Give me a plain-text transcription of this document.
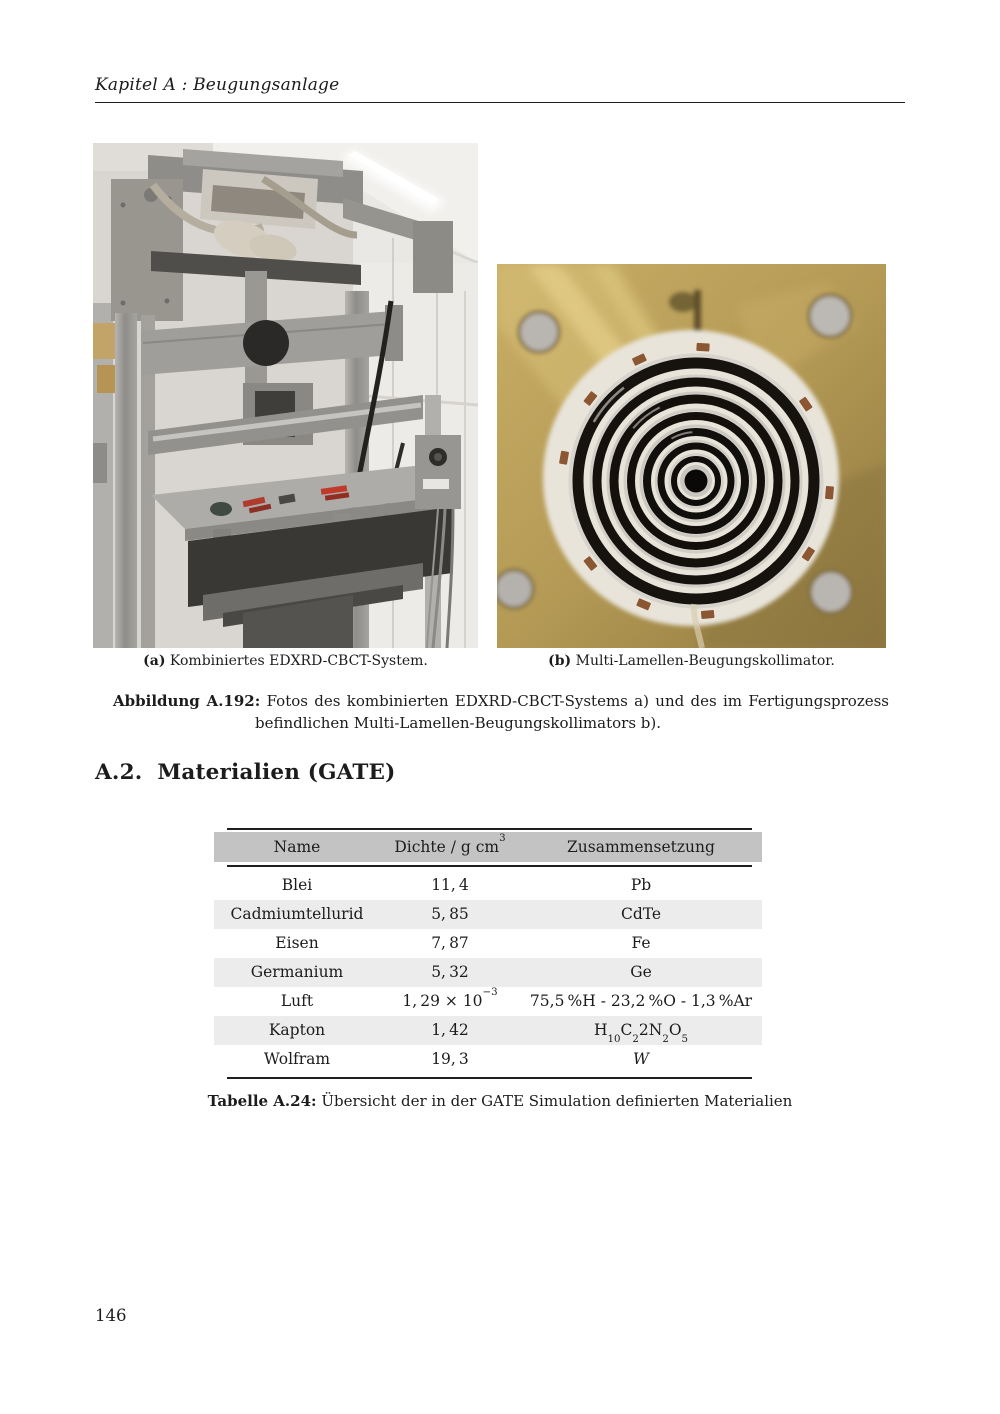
Kapitel A : Beugungsanlage
(a) Kombiniertes EDXRD-CBCT-System.	(b) Multi-Lamellen-Beugungskollimator.
Abbildung A.192: Fotos des kombinierten EDXRD-CBCT-Systems a) und des im Fertigungsprozess befindlichen Multi-Lamellen-Beugungskollimators b).
A.2. Materialien (GATE)
Name	Dichte / g $cm^3$	Zusammensetzung
Blei	11, 4	Pb
Cadmiumtellurid	5, 85	CdTe
Eisen	7, 87	Fe
Germanium	5, 32	Ge
Luft	1, $29 \times 10^{-3}$	75,5 %H - 23,2 %O - 1,3 %Ar
Kapton	1, 42	$H_{10}C_22N_2O_5$
Wolfram	19, 3	W
Tabelle A.24: Übersicht der in der GATE Simulation definierten Materialien
146
